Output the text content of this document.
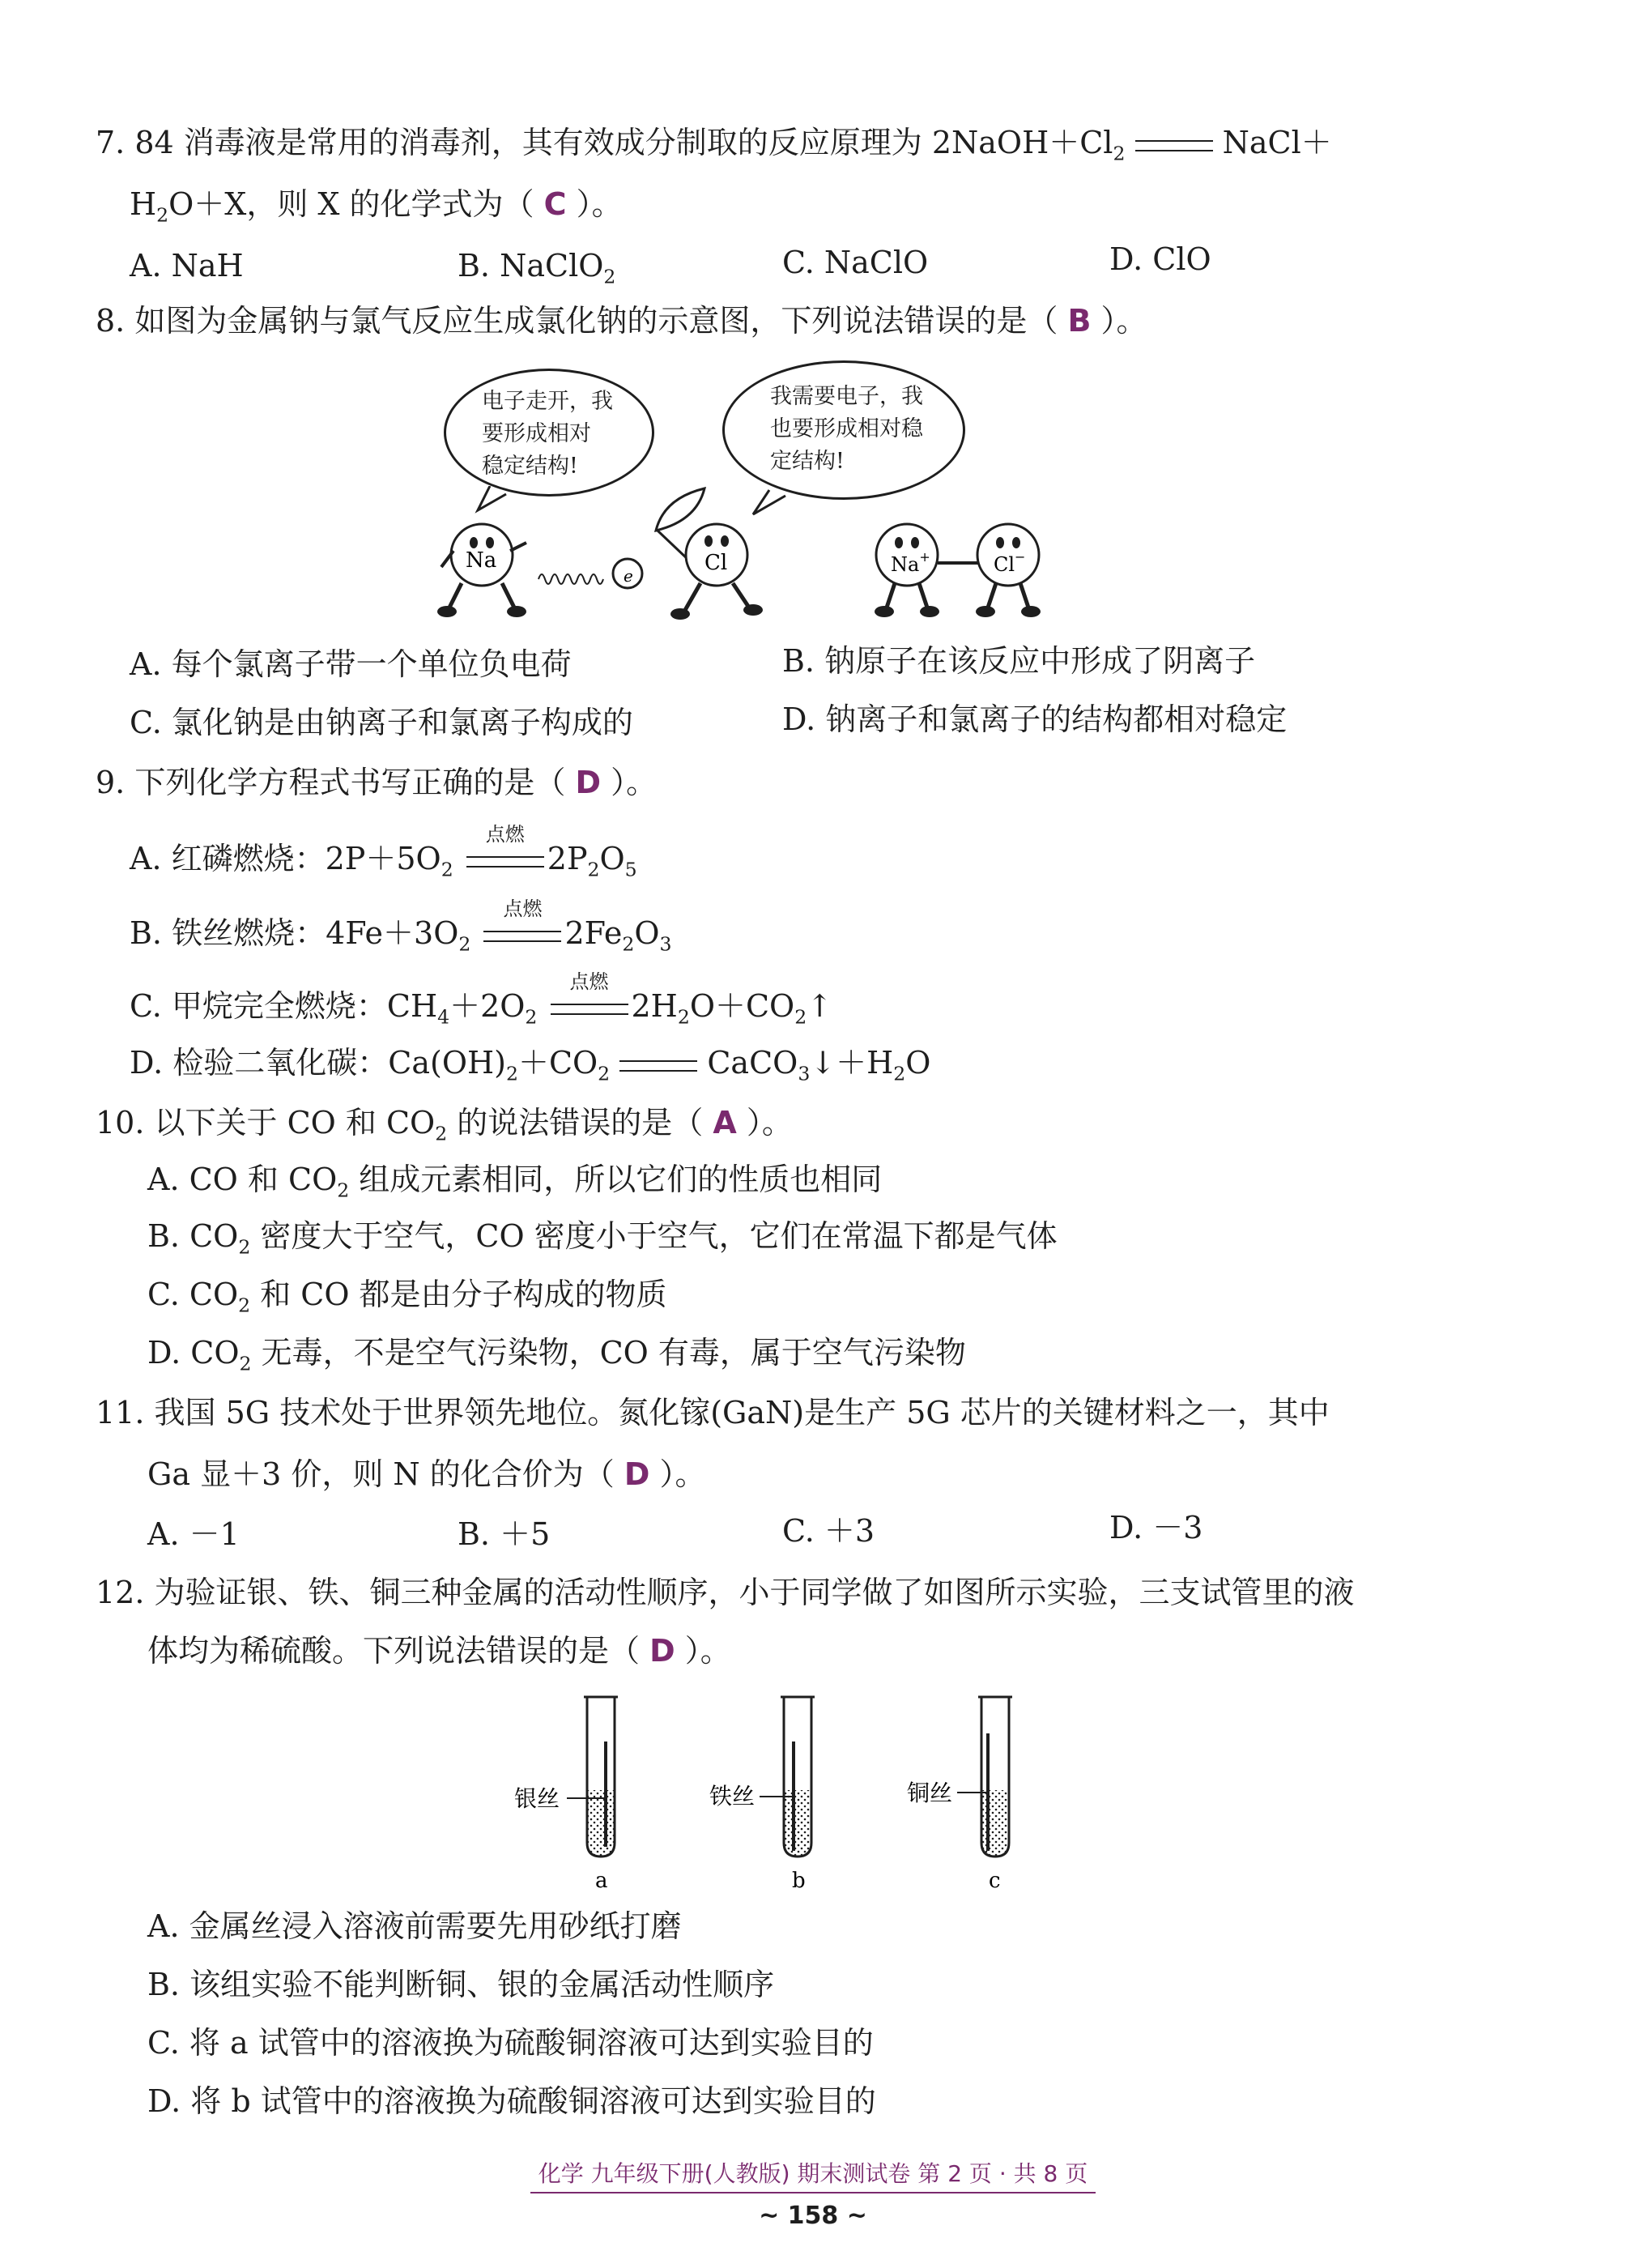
7. 84 消毒液是常用的消毒剂，其有效成分制取的反应原理为 $2NaOH+Cl_2$	NaCl＋
$H_2O+X$，则 X 的化学式为（ C ）。
A. NaH	B. NaClO$_2$	C. NaClO	D. ClO
8. 如图为金属钠与氯气反应生成氯化钠的示意图，下列说法错误的是（ B ）。
电子走开，我
要形成相对
稳定结构!
我需要电子，我
也要形成相对稳
定结构!
Na
e
Cl	Na+	Cl−
A. 每个氯离子带一个单位负电荷	B. 钠原子在该反应中形成了阴离子
C. 氯化钠是由钠离子和氯离子构成的	D. 钠离子和氯离子的结构都相对稳定
9. 下列化学方程式书写正确的是（ D ）。
A. 红磷燃烧：$2P+5O_2$
点燃
$2P_2O_5$
B. 铁丝燃烧：$4Fe+3O_2$
点燃
$2Fe_2O_3$
C. 甲烷完全燃烧：$CH_4+2O_2$
点燃
$2H_2O+CO_2↑$
D. 检验二氧化碳：$Ca(OH)_2+CO_2$	$CaCO_3↓+H_2O$
10. 以下关于 CO 和 $CO_2$ 的说法错误的是（ A ）。
A. CO 和 $CO_2$ 组成元素相同，所以它们的性质也相同
B. $CO_2$ 密度大于空气，CO 密度小于空气，它们在常温下都是气体
C. $CO_2$ 和 CO 都是由分子构成的物质
D. $CO_2$ 无毒，不是空气污染物，CO 有毒，属于空气污染物
11. 我国 5G 技术处于世界领先地位。氮化镓(GaN)是生产 5G 芯片的关键材料之一，其中
Ga 显＋3 价，则 N 的化合价为（ D ）。
A. －1	B. ＋5	C. ＋3	D. －3
12. 为验证银、铁、铜三种金属的活动性顺序，小于同学做了如图所示实验，三支试管里的液
体均为稀硫酸。下列说法错误的是（ D ）。
银丝
a
铁丝
b
铜丝
c
A. 金属丝浸入溶液前需要先用砂纸打磨
B. 该组实验不能判断铜、银的金属活动性顺序
C. 将 a 试管中的溶液换为硫酸铜溶液可达到实验目的
D. 将 b 试管中的溶液换为硫酸铜溶液可达到实验目的
化学 九年级下册(人教版) 期末测试卷 第 2 页 · 共 8 页
~ 158 ~
